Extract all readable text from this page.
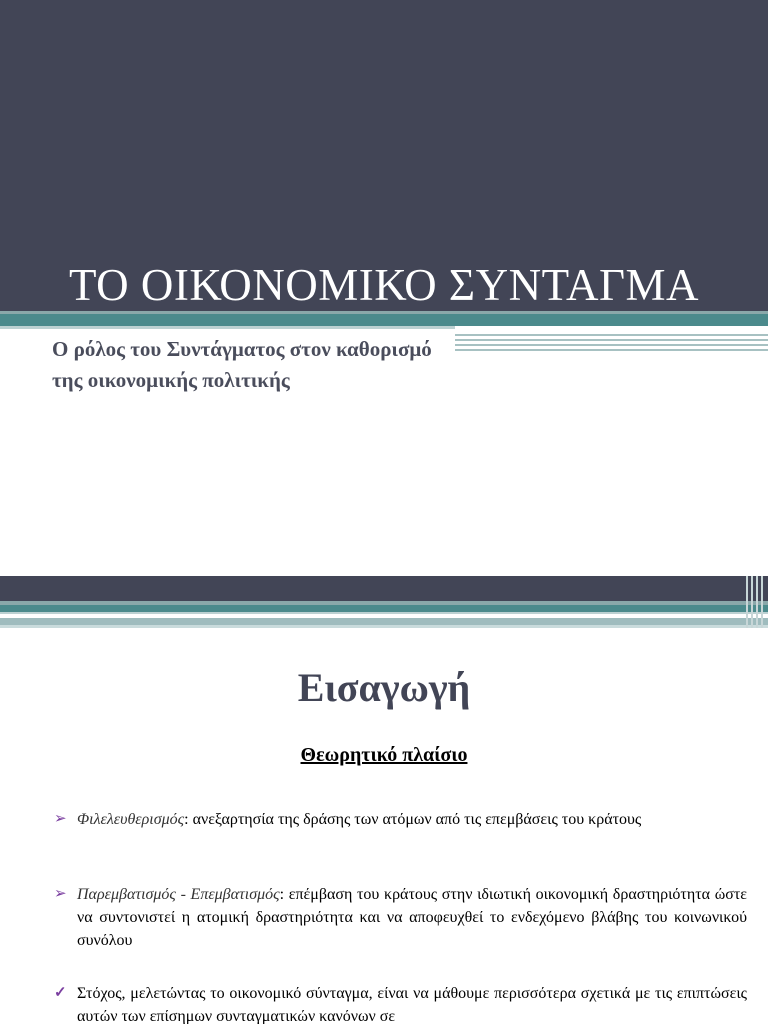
ΤΟ ΟΙΚΟΝΟΜΙΚΟ ΣΥΝΤΑΓΜΑ
Ο ρόλος του Συντάγματος στον καθορισμό της οικονομικής πολιτικής
Εισαγωγή
Θεωρητικό πλαίσιο
➢ Φιλελευθερισμός: ανεξαρτησία της δράσης των ατόμων από τις επεμβάσεις του κράτους
➢ Παρεμβατισμός - Επεμβατισμός: επέμβαση του κράτους στην ιδιωτική οικονομική δραστηριότητα ώστε να συντονιστεί η ατομική δραστηριότητα και να αποφευχθεί το ενδεχόμενο βλάβης του κοινωνικού συνόλου
✓ Στόχος, μελετώντας το οικονομικό σύνταγμα, είναι να μάθουμε περισσότερα σχετικά με τις επιπτώσεις αυτών των επίσημων συνταγματικών κανόνων σε
